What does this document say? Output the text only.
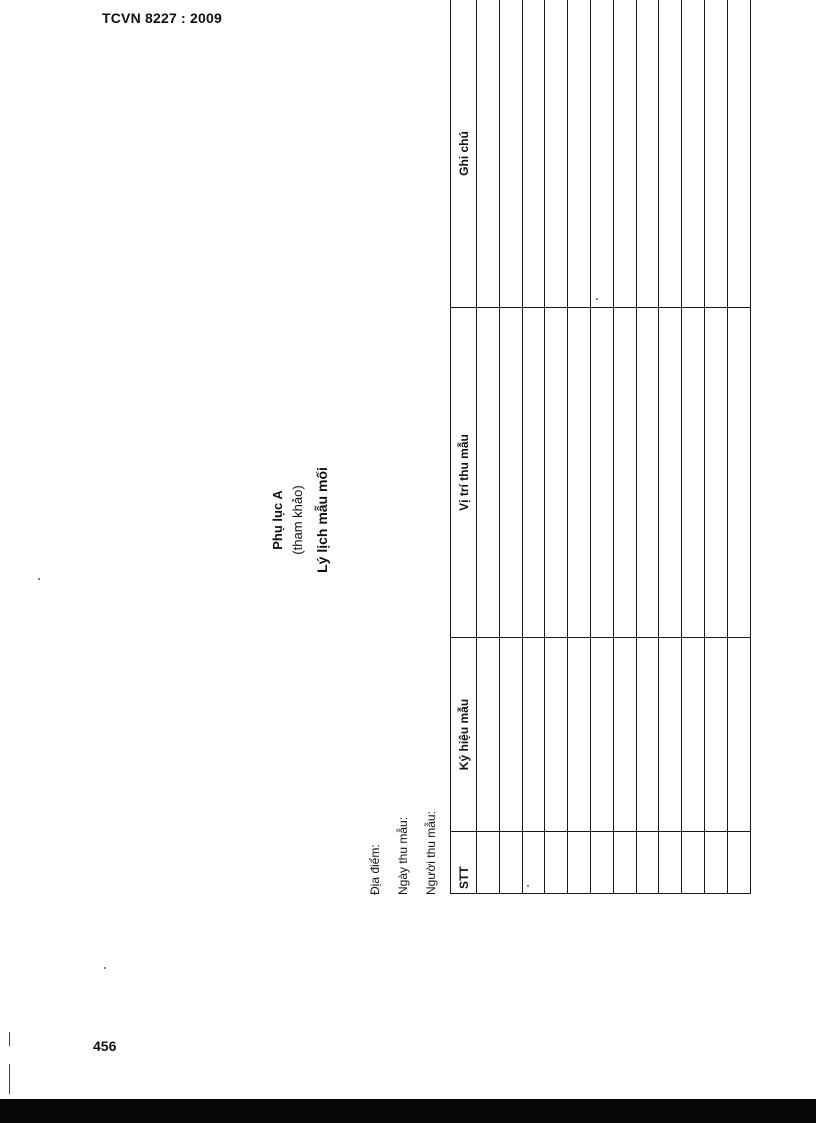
TCVN 8227 : 2009
Phụ lục A (tham khảo) Lý lịch mẫu mối
Địa điểm: Ngày thu mẫu: Người thu mẫu: STT	Ký hiệu mẫu	Vị trí thu mẫu	Ghi chú

456
